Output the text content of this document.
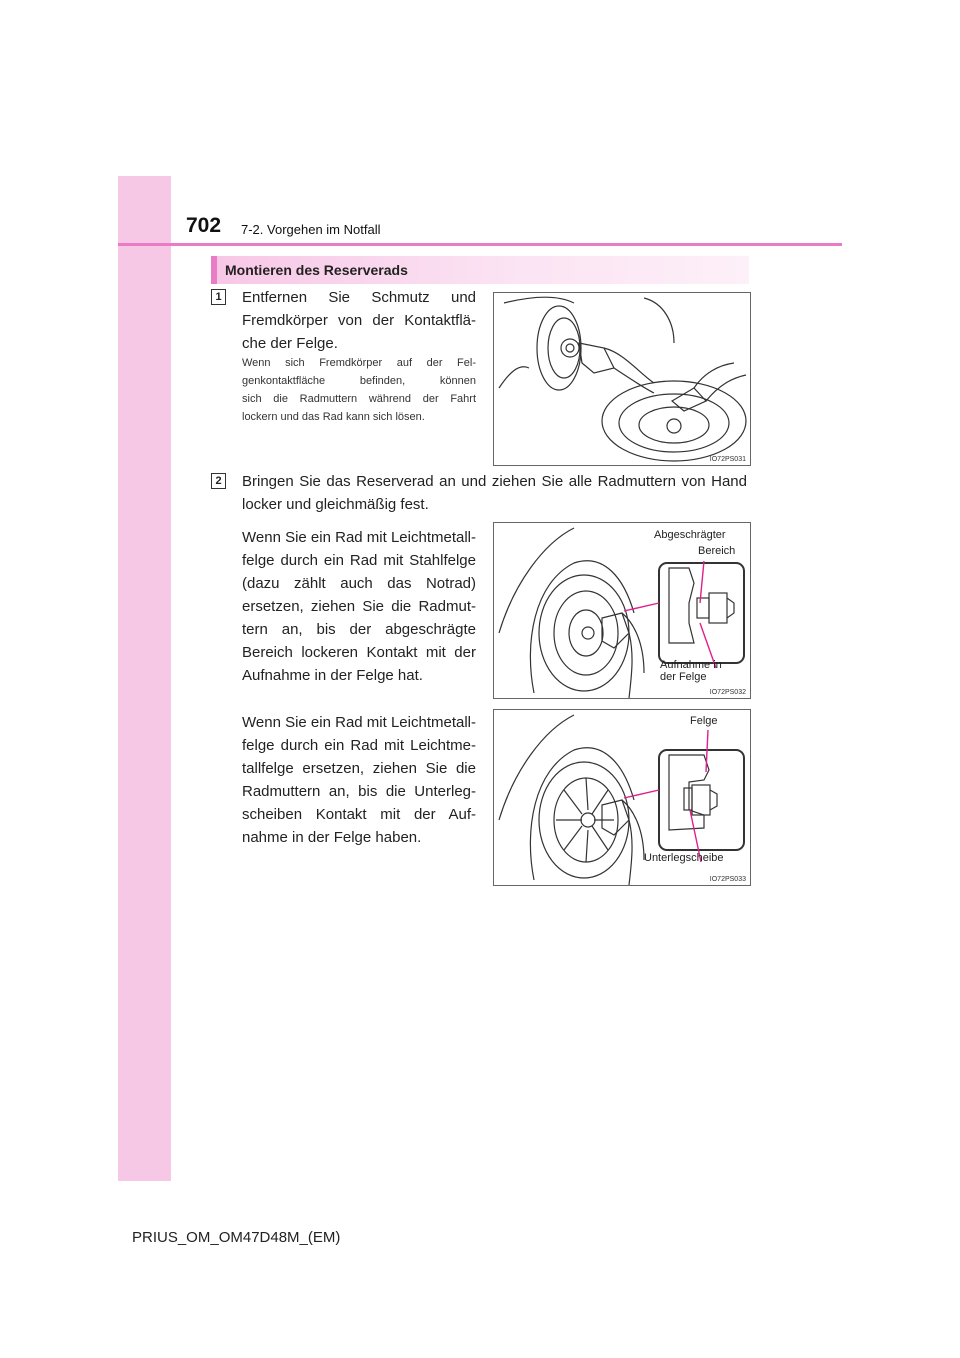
702 7-2. Vorgehen im Notfall
Montieren des Reserverads
1 Entfernen Sie Schmutz und
Fremdkörper von der Kontaktflä-
che der Felge.
Wenn sich Fremdkörper auf der Fel-
genkontaktfläche befinden, können
sich die Radmuttern während der Fahrt
lockern und das Rad kann sich lösen.
IO72PS031
2 Bringen Sie das Reserverad an und ziehen Sie alle Radmuttern von Hand
locker und gleichmäßig fest.
Wenn Sie ein Rad mit Leichtmetall-
felge durch ein Rad mit Stahlfelge
(dazu zählt auch das Notrad)
ersetzen, ziehen Sie die Radmut-
tern an, bis der abgeschrägte
Bereich lockeren Kontakt mit der
Aufnahme in der Felge hat.
Abgeschrägter
Bereich
Aufnahme in
der Felge
IO72PS032
Wenn Sie ein Rad mit Leichtmetall-
felge durch ein Rad mit Leichtme-
tallfelge ersetzen, ziehen Sie die
Radmuttern an, bis die Unterleg-
scheiben Kontakt mit der Auf-
nahme in der Felge haben.
Felge
Unterlegscheibe
IO72PS033
PRIUS_OM_OM47D48M_(EM)
